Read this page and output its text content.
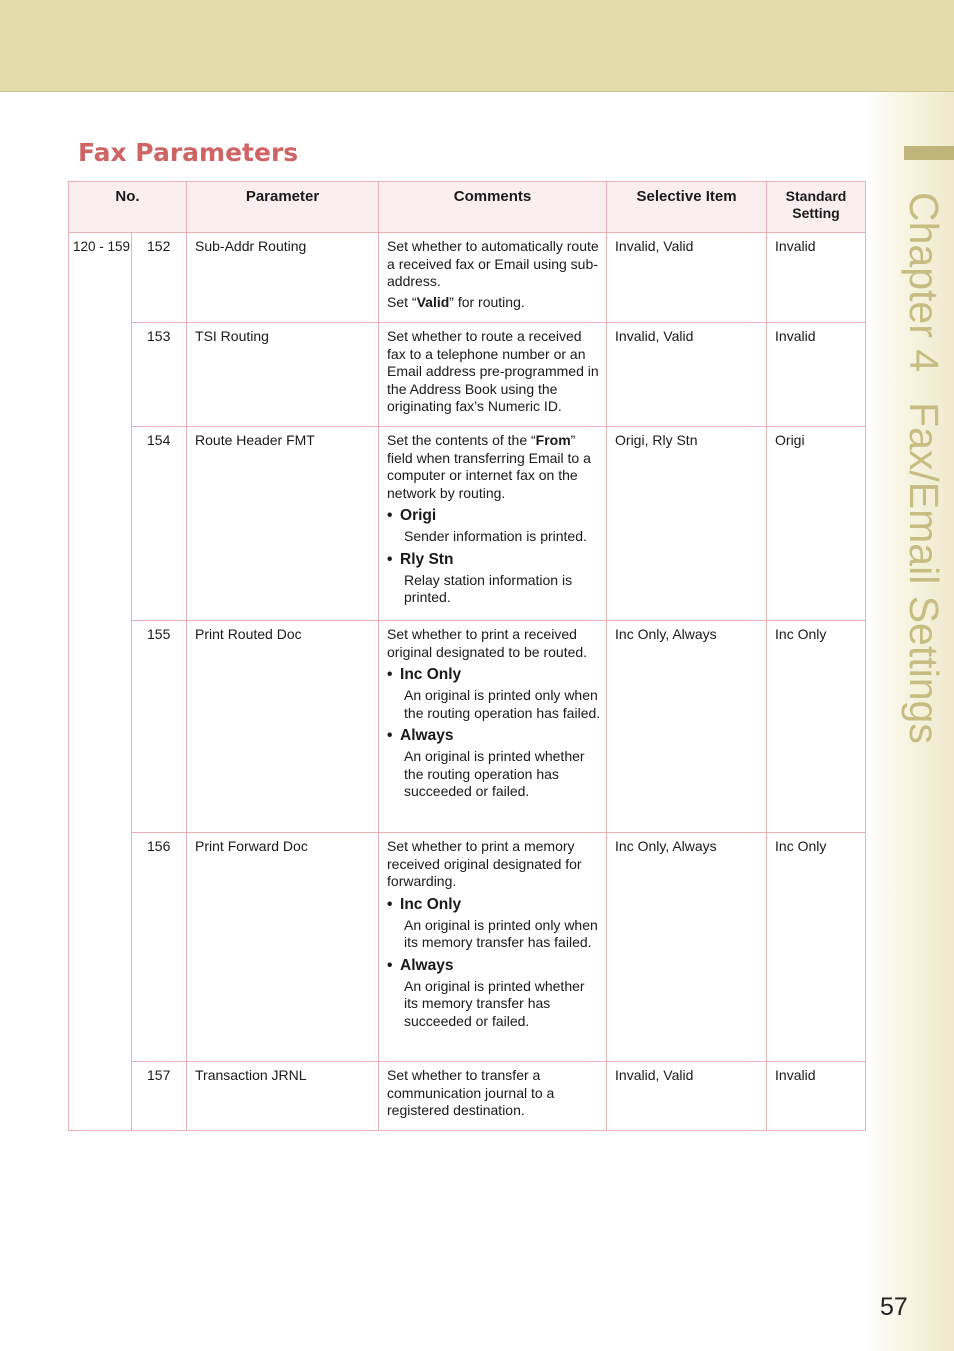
Chapter 4Fax/Email Settings
Fax Parameters
No.		Parameter	Comments	Selective Item	Standard
Setting
120 - 159	152	Sub-Addr Routing	Set whether to automatically route a received fax or Email using sub-address.

Set “Valid” for routing.	Invalid, Valid	Invalid
	153	TSI Routing	Set whether to route a received fax to a telephone number or an Email address pre-programmed in the Address Book using the originating fax’s Numeric ID.	Invalid, Valid	Invalid
	154	Route Header FMT	Set the contents of the “From” field when transferring Email to a computer or internet fax on the network by routing.

• Origi

Sender information is printed.

• Rly Stn

Relay station information is printed.	Origi, Rly Stn	Origi
	155	Print Routed Doc	Set whether to print a received original designated to be routed.

• Inc Only

An original is printed only when the routing operation has failed.

• Always

An original is printed whether the routing operation has succeeded or failed.	Inc Only, Always	Inc Only
	156	Print Forward Doc	Set whether to print a memory received original designated for forwarding.

• Inc Only

An original is printed only when its memory transfer has failed.

• Always

An original is printed whether its memory transfer has succeeded or failed.	Inc Only, Always	Inc Only
	157	Transaction JRNL	Set whether to transfer a communication journal to a registered destination.	Invalid, Valid	Invalid
57
